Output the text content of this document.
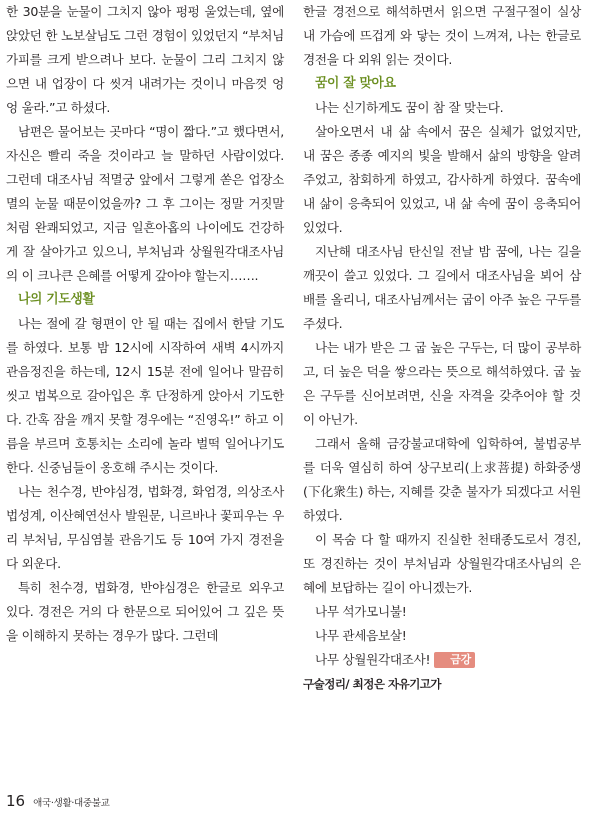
한 30분을 눈물이 그치지 않아 펑펑 울었는데, 옆에 앉았던 한 노보살님도 그런 경험이 있었던지 “부처님 가피를 크게 받으려나 보다. 눈물이 그리 그치지 않으면 내 업장이 다 씻겨 내려가는 것이니 마음껏 엉엉 울라.”고 하셨다.

남편은 물어보는 곳마다 “명이 짧다.”고 했다면서, 자신은 빨리 죽을 것이라고 늘 말하던 사람이었다. 그런데 대조사님 적멸궁 앞에서 그렇게 쏟은 업장소멸의 눈물 때문이었을까? 그 후 그이는 정말 거짓말처럼 완쾌되었고, 지금 일흔아홉의 나이에도 건강하게 잘 살아가고 있으니, 부처님과 상월원각대조사님의 이 크나큰 은혜를 어떻게 갚아야 할는지…….

나의 기도생활

나는 절에 갈 형편이 안 될 때는 집에서 한달 기도를 하였다. 보통 밤 12시에 시작하여 새벽 4시까지 관음정진을 하는데, 12시 15분 전에 일어나 말끔히 씻고 법복으로 갈아입은 후 단정하게 앉아서 기도한다. 간혹 잠을 깨지 못할 경우에는 “진영옥!” 하고 이름을 부르며 호통치는 소리에 놀라 벌떡 일어나기도 한다. 신중님들이 옹호해 주시는 것이다.

나는 천수경, 반야심경, 법화경, 화엄경, 의상조사 법성계, 이산혜연선사 발원문, 니르바나 꽃피우는 우리 부처님, 무심염불 관음기도 등 10여 가지 경전을 다 외운다.

특히 천수경, 법화경, 반야심경은 한글로 외우고 있다. 경전은 거의 다 한문으로 되어있어 그 깊은 뜻을 이해하지 못하는 경우가 많다. 그런데

한글 경전으로 해석하면서 읽으면 구절구절이 실상 내 가슴에 뜨겁게 와 닿는 것이 느껴져, 나는 한글로 경전을 다 외워 읽는 것이다.

꿈이 잘 맞아요

나는 신기하게도 꿈이 참 잘 맞는다.

살아오면서 내 삶 속에서 꿈은 실체가 없었지만, 내 꿈은 종종 예지의 빛을 발해서 삶의 방향을 알려주었고, 참회하게 하였고, 감사하게 하였다. 꿈속에 내 삶이 응축되어 있었고, 내 삶 속에 꿈이 응축되어 있었다.

지난해 대조사님 탄신일 전날 밤 꿈에, 나는 길을 깨끗이 쓸고 있었다. 그 길에서 대조사님을 뵈어 삼배를 올리니, 대조사님께서는 굽이 아주 높은 구두를 주셨다.

나는 내가 받은 그 굽 높은 구두는, 더 많이 공부하고, 더 높은 덕을 쌓으라는 뜻으로 해석하였다. 굽 높은 구두를 신어보려면, 신을 자격을 갖추어야 할 것이 아닌가.

그래서 올해 금강불교대학에 입학하여, 불법공부를 더욱 열심히 하여 상구보리(上求菩提) 하화중생(下化衆生) 하는, 지혜를 갖춘 불자가 되겠다고 서원하였다.

이 목숨 다 할 때까지 진실한 천태종도로서 경진, 또 경진하는 것이 부처님과 상월원각대조사님의 은혜에 보답하는 길이 아니겠는가.

나무 석가모니불!

나무 관세음보살!

나무 상월원각대조사! 금강

구술정리/ 최정은 자유기고가

16 애국·생활·대중불교
